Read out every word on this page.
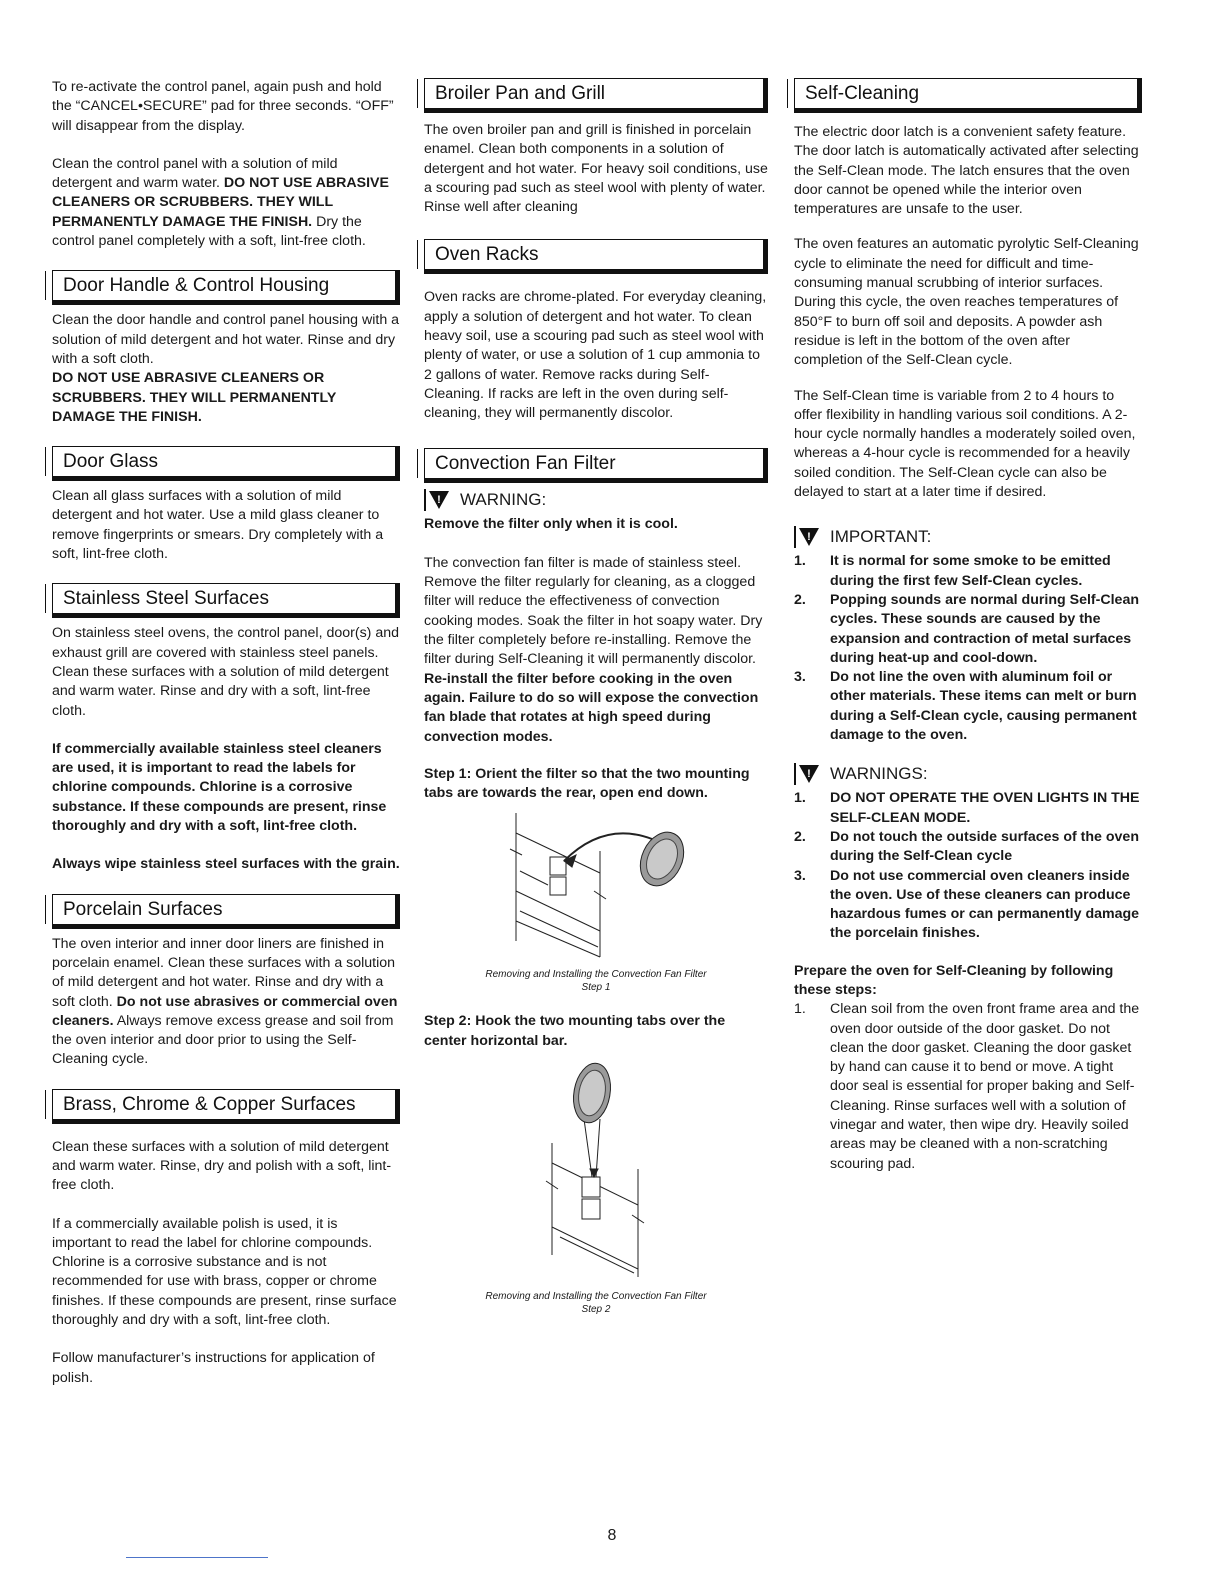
To re-activate the control panel, again push and hold the “CANCEL•SECURE” pad for three seconds. “OFF” will disappear from the display.

Clean the control panel with a solution of mild detergent and warm water. DO NOT USE ABRASIVE CLEANERS OR SCRUBBERS. THEY WILL PERMANENTLY DAMAGE THE FINISH. Dry the control panel completely with a soft, lint-free cloth.

Door Handle & Control Housing

Clean the door handle and control panel housing with a solution of mild detergent and hot water. Rinse and dry with a soft cloth.

DO NOT USE ABRASIVE CLEANERS OR SCRUBBERS. THEY WILL PERMANENTLY DAMAGE THE FINISH.

Door Glass

Clean all glass surfaces with a solution of mild detergent and hot water. Use a mild glass cleaner to remove fingerprints or smears. Dry completely with a soft, lint-free cloth.

Stainless Steel Surfaces

On stainless steel ovens, the control panel, door(s) and exhaust grill are covered with stainless steel panels. Clean these surfaces with a solution of mild detergent and warm water. Rinse and dry with a soft, lint-free cloth.

If commercially available stainless steel cleaners are used, it is important to read the labels for chlorine compounds. Chlorine is a corrosive substance. If these compounds are present, rinse thoroughly and dry with a soft, lint-free cloth.

Always wipe stainless steel surfaces with the grain.

Porcelain Surfaces

The oven interior and inner door liners are finished in porcelain enamel. Clean these surfaces with a solution of mild detergent and hot water. Rinse and dry with a soft cloth. Do not use abrasives or commercial oven cleaners. Always remove excess grease and soil from the oven interior and door prior to using the Self-Cleaning cycle.

Brass, Chrome & Copper Surfaces

Clean these surfaces with a solution of mild detergent and warm water. Rinse, dry and polish with a soft, lint-free cloth.

If a commercially available polish is used, it is important to read the label for chlorine compounds. Chlorine is a corrosive substance and is not recommended for use with brass, copper or chrome finishes. If these compounds are present, rinse surface thoroughly and dry with a soft, lint-free cloth.

Follow manufacturer’s instructions for application of polish.

Broiler Pan and Grill

The oven broiler pan and grill is finished in porcelain enamel. Clean both components in a solution of detergent and hot water. For heavy soil conditions, use a scouring pad such as steel wool with plenty of water. Rinse well after cleaning

Oven Racks

Oven racks are chrome-plated. For everyday cleaning, apply a solution of detergent and hot water. To clean heavy soil, use a scouring pad such as steel wool with plenty of water, or use a solution of 1 cup ammonia to 2 gallons of water. Remove racks during Self-Cleaning. If racks are left in the oven during self-cleaning, they will permanently discolor.

Convection Fan Filter
! WARNING:

Remove the filter only when it is cool.

The convection fan filter is made of stainless steel. Remove the filter regularly for cleaning, as a clogged filter will reduce the effectiveness of convection cooking modes. Soak the filter in hot soapy water. Dry the filter completely before re-installing. Remove the filter during Self-Cleaning it will permanently discolor. Re-install the filter before cooking in the oven again. Failure to do so will expose the convection fan blade that rotates at high speed during convection modes.

Step 1: Orient the filter so that the two mounting tabs are towards the rear, open end down.

Removing and Installing the Convection Fan Filter
Step 1

Step 2: Hook the two mounting tabs over the center horizontal bar.

Removing and Installing the Convection Fan Filter
Step 2
Self-Cleaning

The electric door latch is a convenient safety feature. The door latch is automatically activated after selecting the Self-Clean mode. The latch ensures that the oven door cannot be opened while the interior oven temperatures are unsafe to the user.

The oven features an automatic pyrolytic Self-Cleaning cycle to eliminate the need for difficult and time-consuming manual scrubbing of interior surfaces. During this cycle, the oven reaches temperatures of 850°F to burn off soil and deposits. A powder ash residue is left in the bottom of the oven after completion of the Self-Clean cycle.

The Self-Clean time is variable from 2 to 4 hours to offer flexibility in handling various soil conditions. A 2-hour cycle normally handles a moderately soiled oven, whereas a 4-hour cycle is recommended for a heavily soiled condition. The Self-Clean cycle can also be delayed to start at a later time if desired.

! IMPORTANT:
1. It is normal for some smoke to be emitted during the first few Self-Clean cycles.
2. Popping sounds are normal during Self-Clean cycles. These sounds are caused by the expansion and contraction of metal surfaces during heat-up and cool-down.
3. Do not line the oven with aluminum foil or other materials. These items can melt or burn during a Self-Clean cycle, causing permanent damage to the oven.
! WARNINGS:
1. DO NOT OPERATE THE OVEN LIGHTS IN THE SELF-CLEAN MODE.
2. Do not touch the outside surfaces of the oven during the Self-Clean cycle
3. Do not use commercial oven cleaners inside the oven. Use of these cleaners can produce hazardous fumes or can permanently damage the porcelain finishes.

Prepare the oven for Self-Cleaning by following these steps:

1. Clean soil from the oven front frame area and the oven door outside of the door gasket. Do not clean the door gasket. Cleaning the door gasket by hand can cause it to bend or move. A tight door seal is essential for proper baking and Self-Cleaning. Rinse surfaces well with a solution of vinegar and water, then wipe dry. Heavily soiled areas may be cleaned with a non-scratching scouring pad.
8
